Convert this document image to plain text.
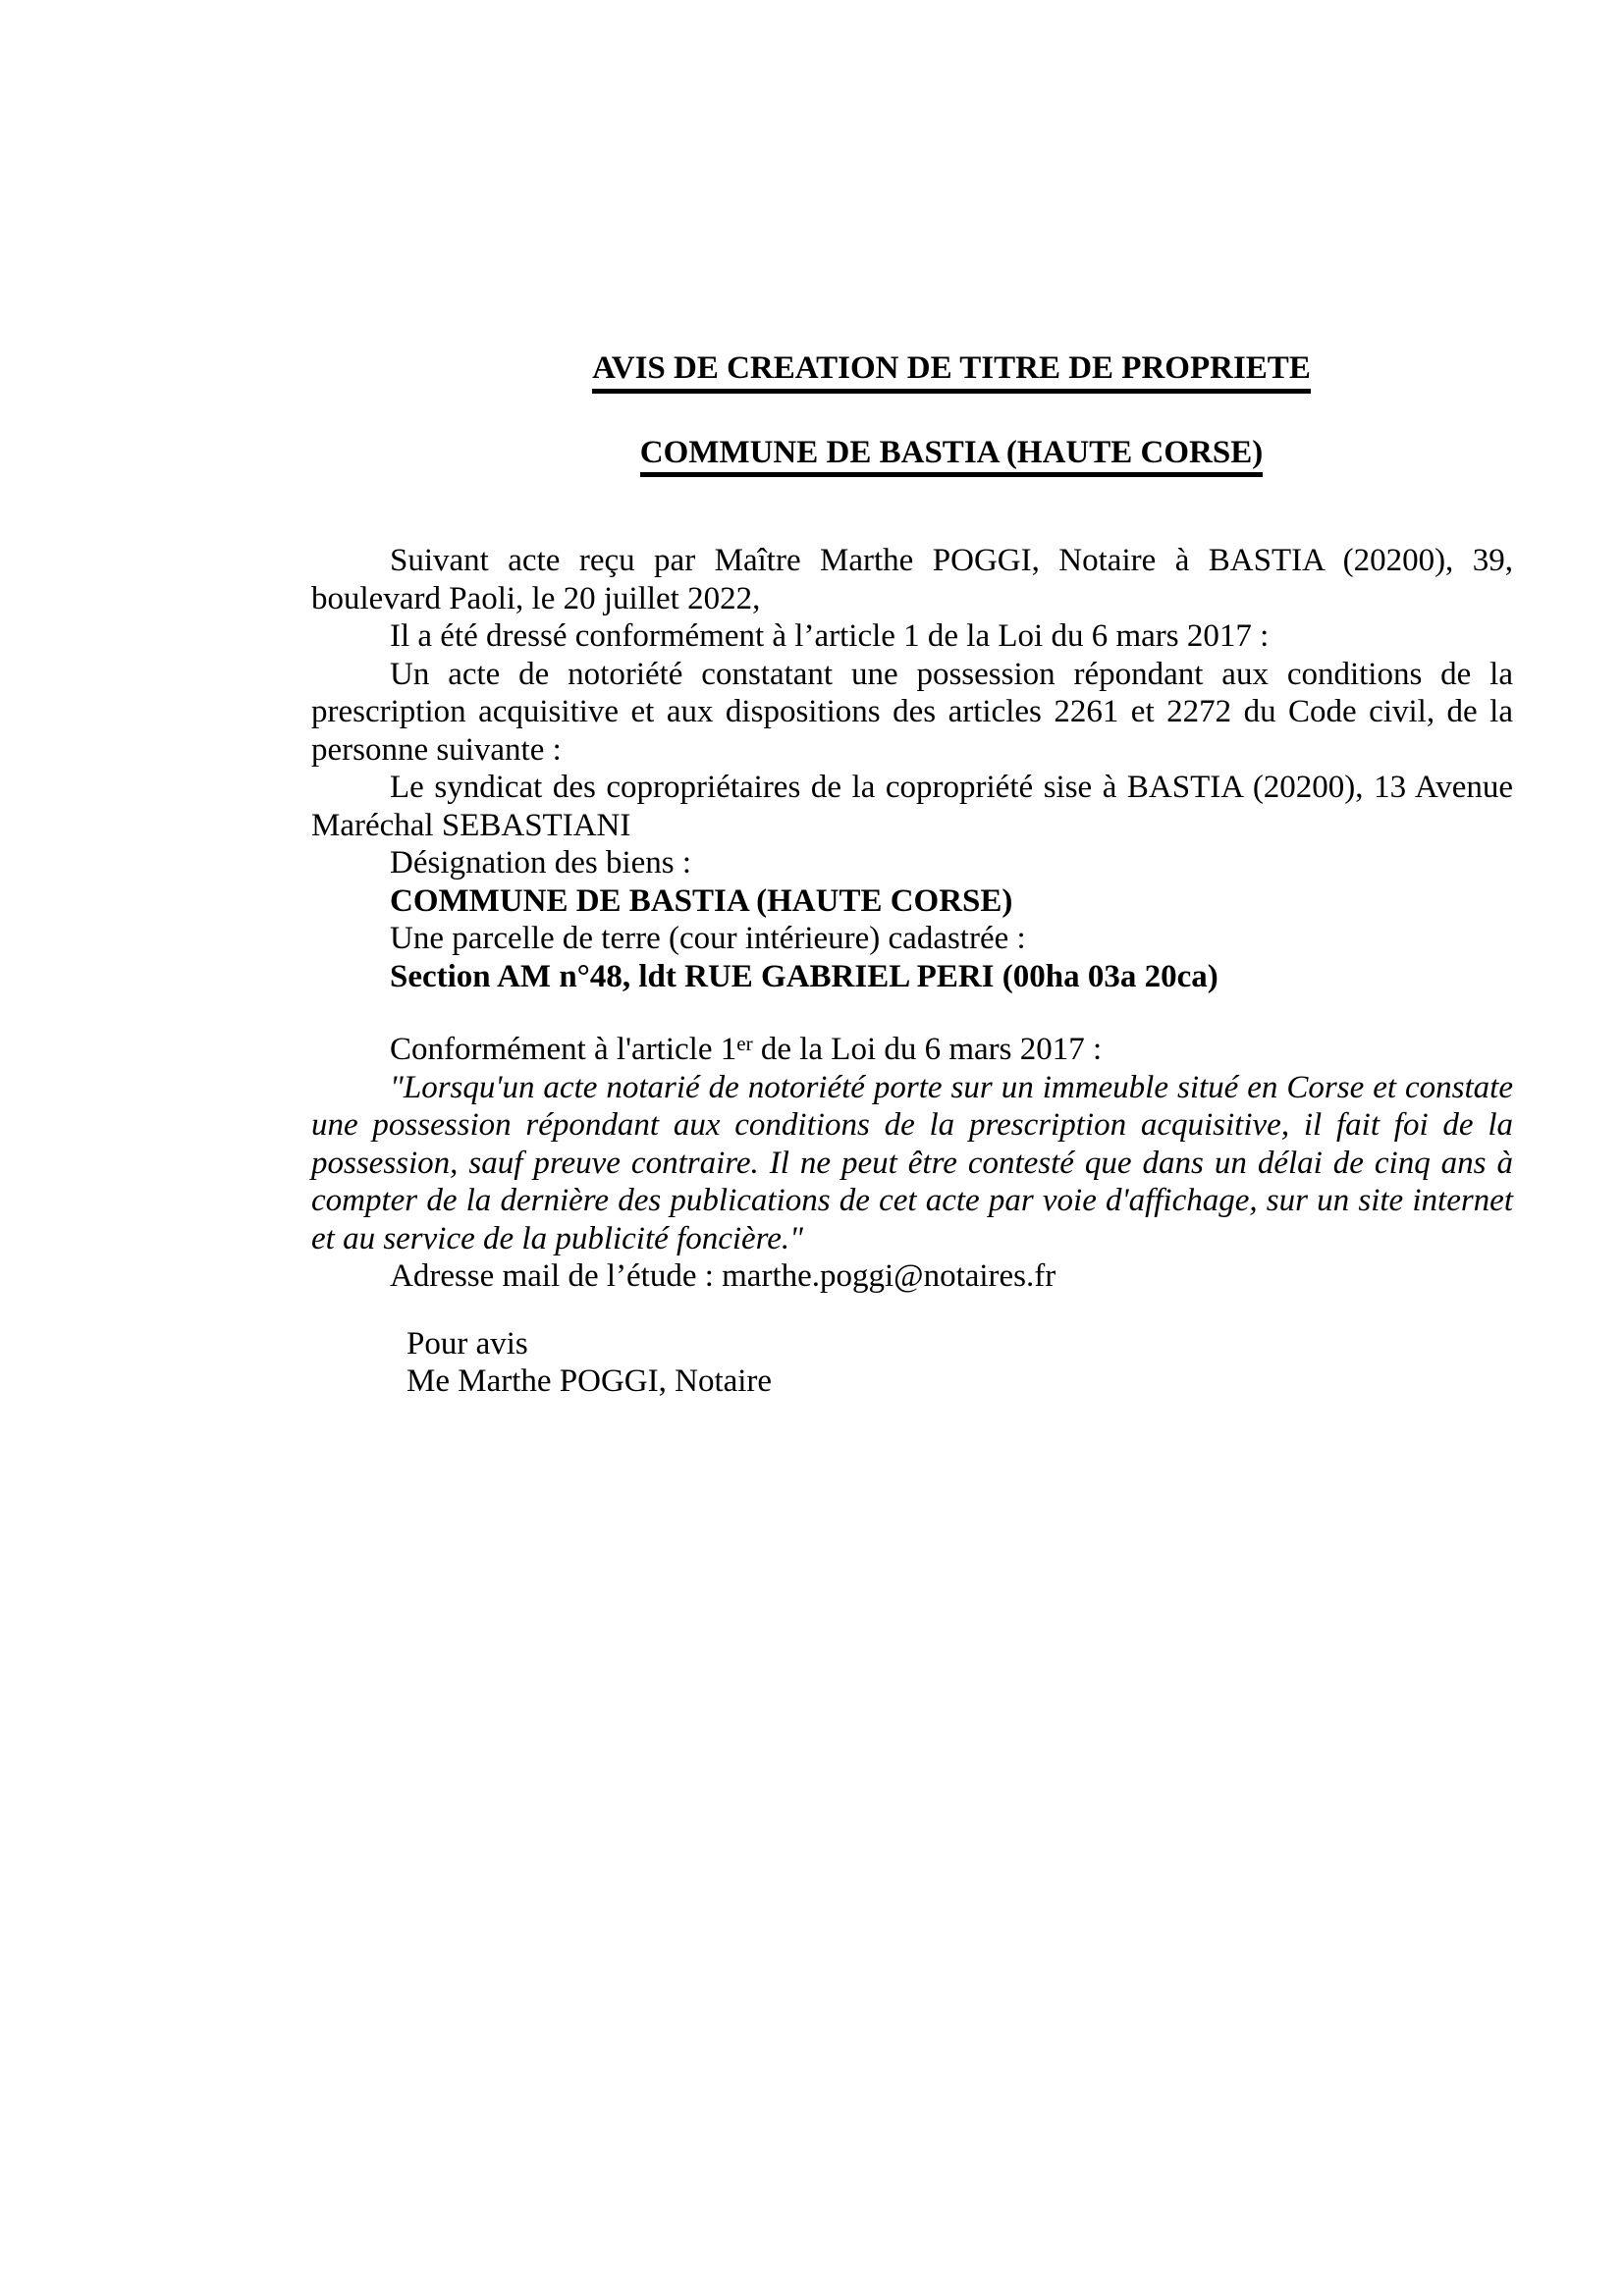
AVIS DE CREATION DE TITRE DE PROPRIETE

COMMUNE DE BASTIA (HAUTE CORSE)

Suivant acte reçu par Maître Marthe POGGI, Notaire à BASTIA (20200), 39, boulevard Paoli, le 20 juillet 2022,

Il a été dressé conformément à l’article 1 de la Loi du 6 mars 2017 :

Un acte de notoriété constatant une possession répondant aux conditions de la prescription acquisitive et aux dispositions des articles 2261 et 2272 du Code civil, de la personne suivante :

Le syndicat des copropriétaires de la copropriété sise à BASTIA (20200), 13 Avenue Maréchal SEBASTIANI

Désignation des biens :

COMMUNE DE BASTIA (HAUTE CORSE)

Une parcelle de terre (cour intérieure) cadastrée :

Section AM n°48, ldt RUE GABRIEL PERI (00ha 03a 20ca)

Conformément à l'article 1er de la Loi du 6 mars 2017 :

"Lorsqu'un acte notarié de notoriété porte sur un immeuble situé en Corse et constate une possession répondant aux conditions de la prescription acquisitive, il fait foi de la possession, sauf preuve contraire. Il ne peut être contesté que dans un délai de cinq ans à compter de la dernière des publications de cet acte par voie d'affichage, sur un site internet et au service de la publicité foncière."

Adresse mail de l’étude : marthe.poggi@notaires.fr

Pour avis

Me Marthe POGGI, Notaire
